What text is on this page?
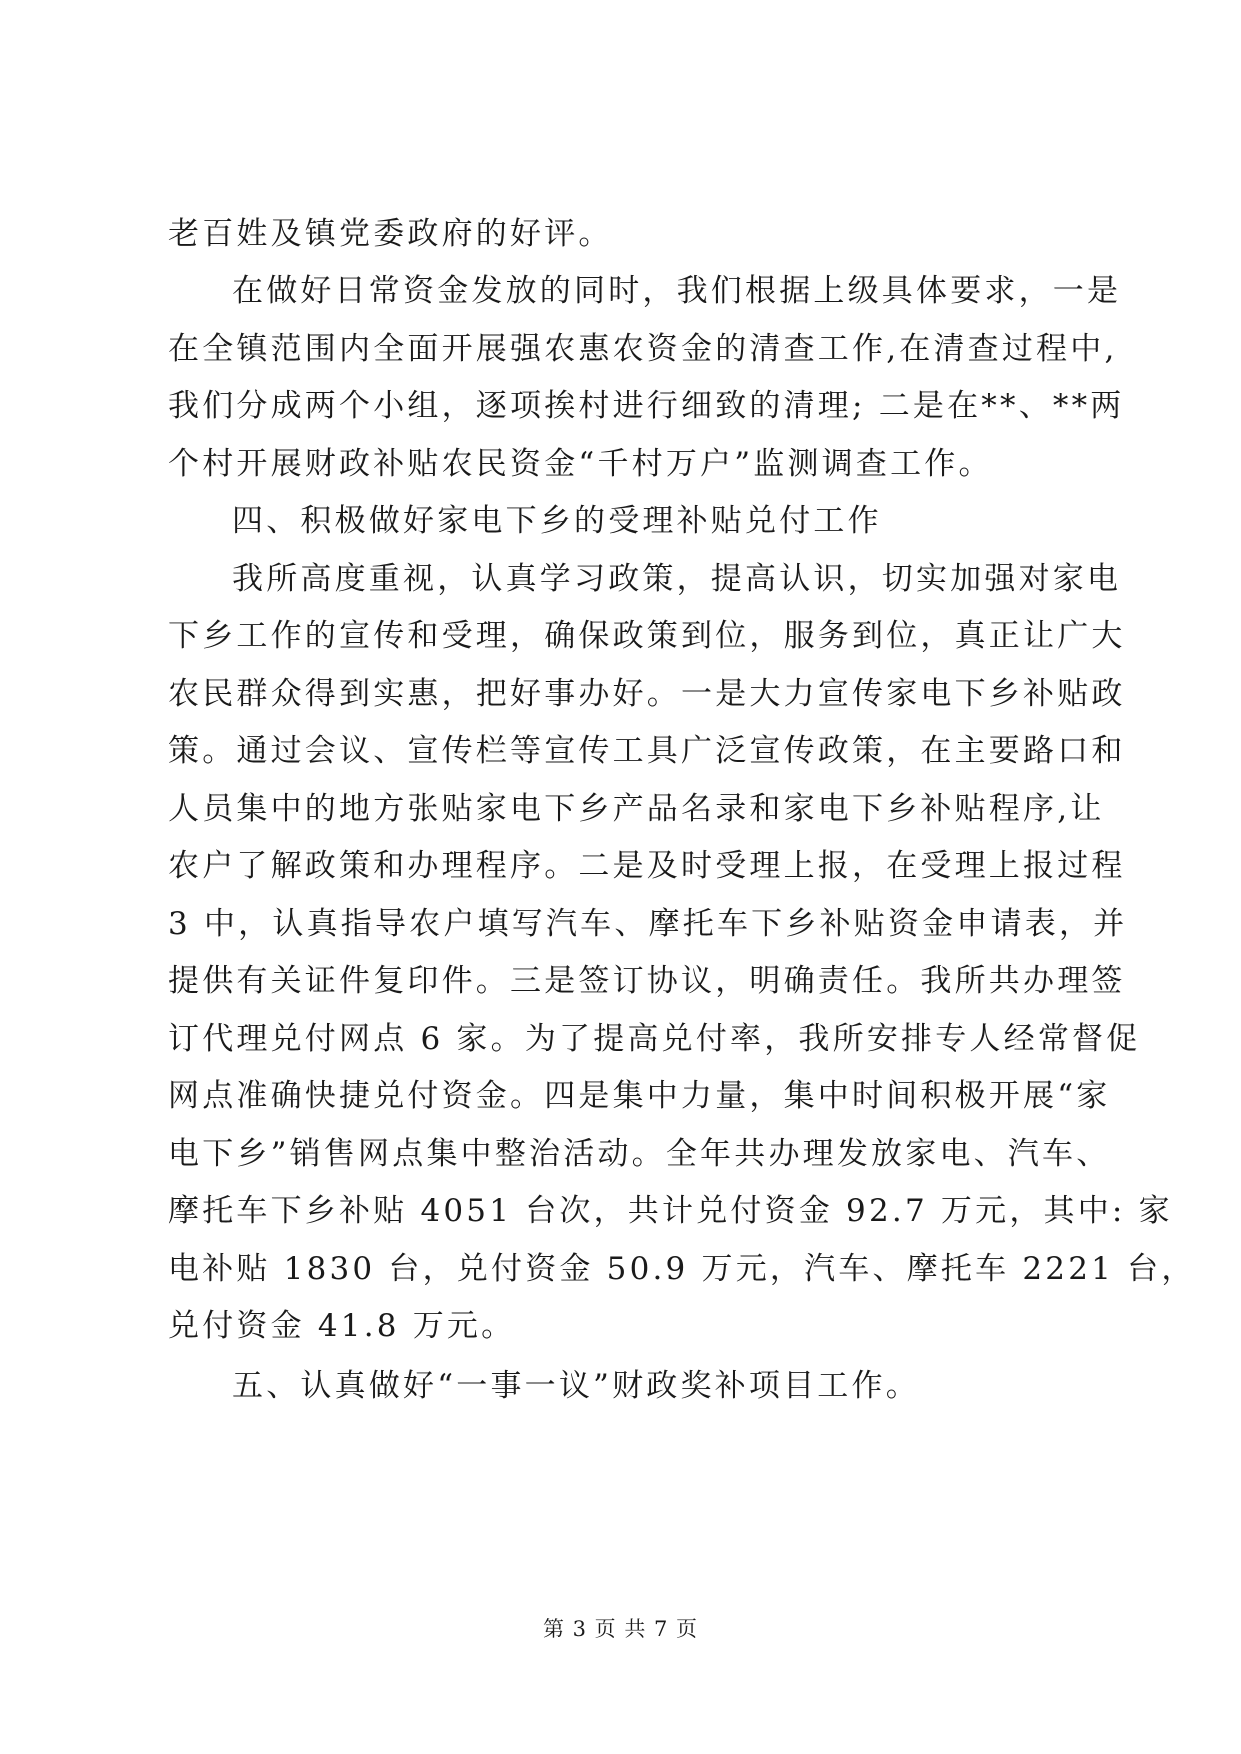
老百姓及镇党委政府的好评。

在做好日常资金发放的同时，我们根据上级具体要求，一是

在全镇范围内全面开展强农惠农资金的清查工作,在清查过程中,

我们分成两个小组，逐项挨村进行细致的清理; 二是在**、**两

个村开展财政补贴农民资金“千村万户”监测调查工作。

四、积极做好家电下乡的受理补贴兑付工作

我所高度重视，认真学习政策，提高认识，切实加强对家电

下乡工作的宣传和受理，确保政策到位，服务到位，真正让广大

农民群众得到实惠，把好事办好。一是大力宣传家电下乡补贴政

策。通过会议、宣传栏等宣传工具广泛宣传政策，在主要路口和

人员集中的地方张贴家电下乡产品名录和家电下乡补贴程序,让

农户了解政策和办理程序。二是及时受理上报，在受理上报过程

3 中，认真指导农户填写汽车、摩托车下乡补贴资金申请表，并

提供有关证件复印件。三是签订协议，明确责任。我所共办理签

订代理兑付网点 6 家。为了提高兑付率，我所安排专人经常督促

网点准确快捷兑付资金。四是集中力量，集中时间积极开展“家

电下乡”销售网点集中整治活动。全年共办理发放家电、汽车、

摩托车下乡补贴 4051 台次，共计兑付资金 92.7 万元，其中: 家

电补贴 1830 台，兑付资金 50.9 万元，汽车、摩托车 2221 台，

兑付资金 41.8 万元。

五、认真做好“一事一议”财政奖补项目工作。

第 3 页 共 7 页
